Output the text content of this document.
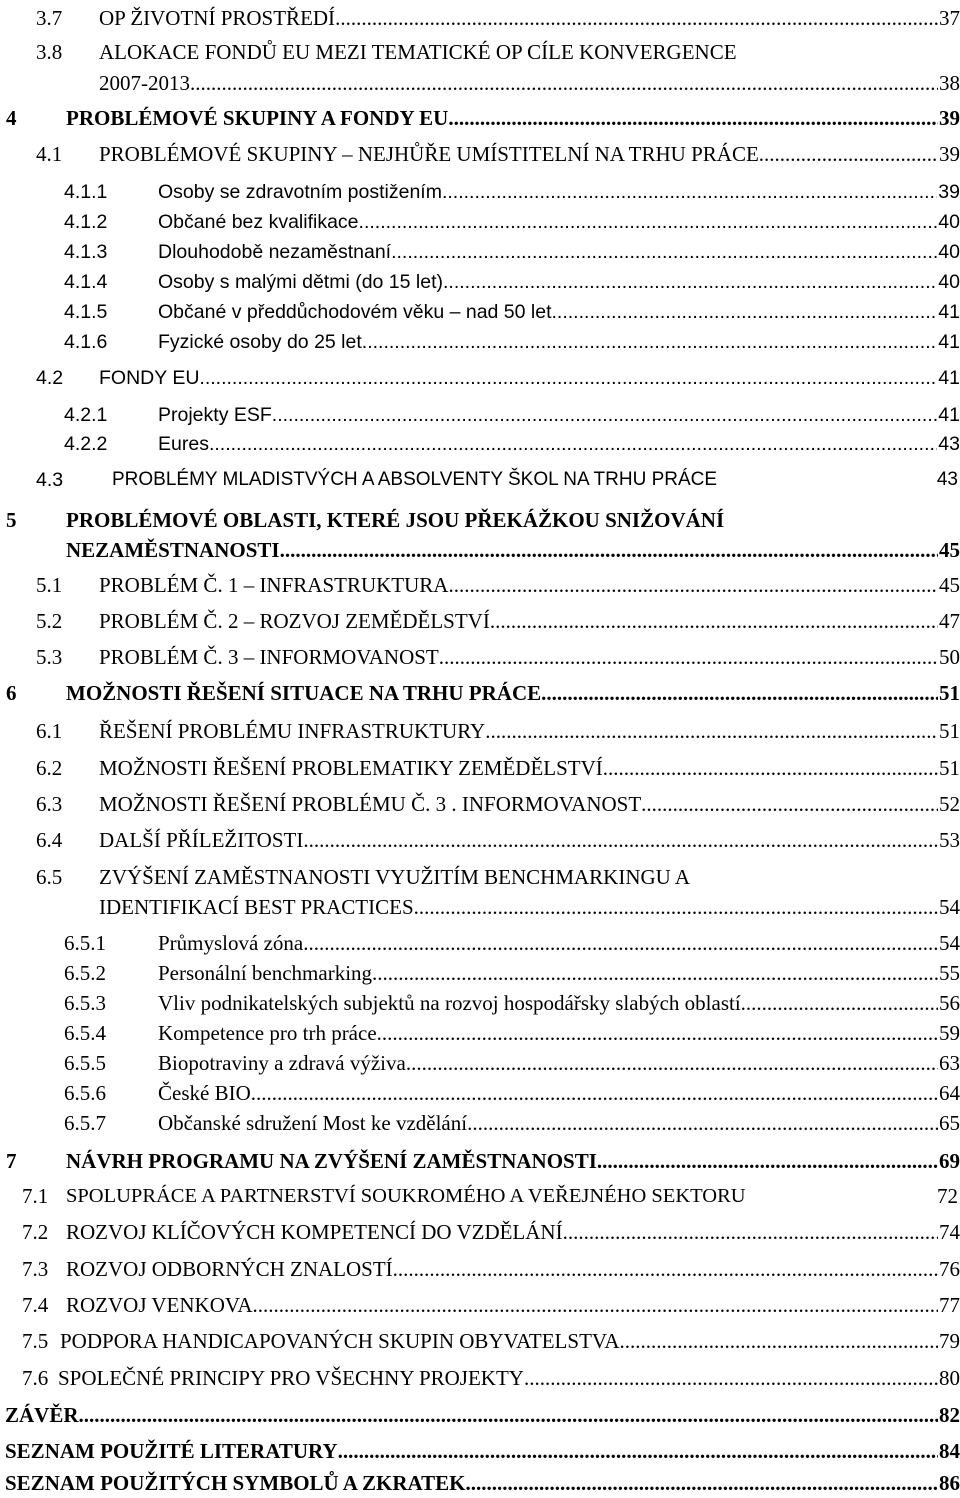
3.7 OP ŽIVOTNÍ PROSTŘEDÍ .....	37
3.8 ALOKACE FONDŮ EU MEZI TEMATICKÉ OP CÍLE KONVERGENCE
2007-2013 .....	38
4 PROBLÉMOVÉ SKUPINY A FONDY EU .....	39
4.1 PROBLÉMOVÉ SKUPINY – NEJHŮŘE UMÍSTITELNÍ NA TRHU PRÁCE .....	39
4.1.1	Osoby se zdravotním postižením .....	39
4.1.2	Občané bez kvalifikace .....	40
4.1.3	Dlouhodobě nezaměstnaní .....	40
4.1.4	Osoby s malými dětmi (do 15 let) .....	40
4.1.5	Občané v předdůchodovém věku – nad 50 let .....	41
4.1.6	Fyzické osoby do 25 let .....	41
4.2 FONDY EU .....	41
4.2.1	Projekty ESF .....	41
4.2.2	Eures .....	43
4.3	PROBLÉMY MLADISTVÝCH A ABSOLVENTY ŠKOL NA TRHU PRÁCE	43
5 PROBLÉMOVÉ OBLASTI, KTERÉ JSOU PŘEKÁŽKOU SNIŽOVÁNÍ
NEZAMĚSTNANOSTI .....	45
5.1 PROBLÉM Č. 1 – INFRASTRUKTURA .....	45
5.2 PROBLÉM Č. 2 – ROZVOJ ZEMĚDĚLSTVÍ .....	47
5.3 PROBLÉM Č. 3 – INFORMOVANOST .....	50
6 MOŽNOSTI ŘEŠENÍ SITUACE NA TRHU PRÁCE .....	51
6.1 ŘEŠENÍ PROBLÉMU INFRASTRUKTURY .....	51
6.2 MOŽNOSTI ŘEŠENÍ PROBLEMATIKY ZEMĚDĚLSTVÍ .....	51
6.3 MOŽNOSTI ŘEŠENÍ PROBLÉMU Č. 3 . INFORMOVANOST .....	52
6.4 DALŠÍ PŘÍLEŽITOSTI .....	53
6.5 ZVÝŠENÍ ZAMĚSTNANOSTI VYUŽITÍM BENCHMARKINGU A
IDENTIFIKACÍ BEST PRACTICES .....	54
6.5.1 Průmyslová zóna .....	54
6.5.2 Personální benchmarking .....	55
6.5.3 Vliv podnikatelských subjektů na rozvoj hospodářsky slabých oblastí .....	56
6.5.4 Kompetence pro trh práce .....	59
6.5.5 Biopotraviny a zdravá výživa .....	63
6.5.6 České BIO .....	64
6.5.7 Občanské sdružení Most ke vzdělání .....	65
7 NÁVRH PROGRAMU NA ZVÝŠENÍ ZAMĚSTNANOSTI .....	69
7.1 SPOLUPRÁCE A PARTNERSTVÍ SOUKROMÉHO A VEŘEJNÉHO SEKTORU	72
7.2 ROZVOJ KLÍČOVÝCH KOMPETENCÍ DO VZDĚLÁNÍ .....	74
7.3 ROZVOJ ODBORNÝCH ZNALOSTÍ .....	76
7.4 ROZVOJ VENKOVA .....	77
7.5 PODPORA HANDICAPOVANÝCH SKUPIN OBYVATELSTVA .....	79
7.6 SPOLEČNÉ PRINCIPY PRO VŠECHNY PROJEKTY .....	80
ZÁVĚR .....	82
SEZNAM POUŽITÉ LITERATURY .....	84
SEZNAM POUŽITÝCH SYMBOLŮ A ZKRATEK .....	86
